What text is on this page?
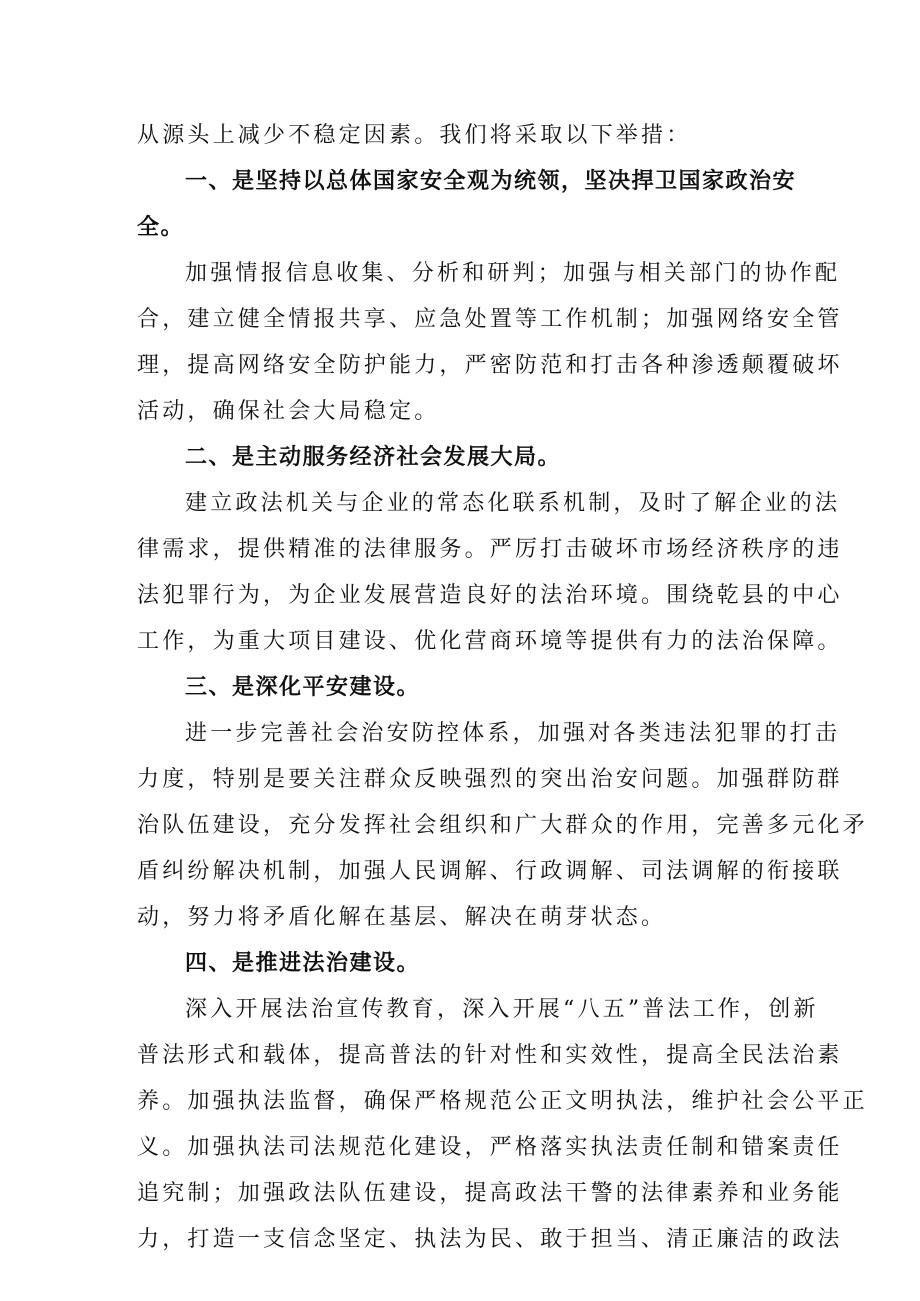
从源头上减少不稳定因素。我们将采取以下举措：
一、是坚持以总体国家安全观为统领，坚决捍卫国家政治安
全。
加强情报信息收集、分析和研判；加强与相关部门的协作配
合，建立健全情报共享、应急处置等工作机制；加强网络安全管
理，提高网络安全防护能力，严密防范和打击各种渗透颠覆破坏
活动，确保社会大局稳定。
二、是主动服务经济社会发展大局。
建立政法机关与企业的常态化联系机制，及时了解企业的法
律需求，提供精准的法律服务。严厉打击破坏市场经济秩序的违
法犯罪行为，为企业发展营造良好的法治环境。围绕乾县的中心
工作，为重大项目建设、优化营商环境等提供有力的法治保障。
三、是深化平安建设。
进一步完善社会治安防控体系，加强对各类违法犯罪的打击
力度，特别是要关注群众反映强烈的突出治安问题。加强群防群
治队伍建设，充分发挥社会组织和广大群众的作用，完善多元化矛
盾纠纷解决机制，加强人民调解、行政调解、司法调解的衔接联
动，努力将矛盾化解在基层、解决在萌芽状态。
四、是推进法治建设。
深入开展法治宣传教育，深入开展“八五”普法工作，创新
普法形式和载体，提高普法的针对性和实效性，提高全民法治素
养。加强执法监督，确保严格规范公正文明执法，维护社会公平正
义。加强执法司法规范化建设，严格落实执法责任制和错案责任
追究制；加强政法队伍建设，提高政法干警的法律素养和业务能
力，打造一支信念坚定、执法为民、敢于担当、清正廉洁的政法
